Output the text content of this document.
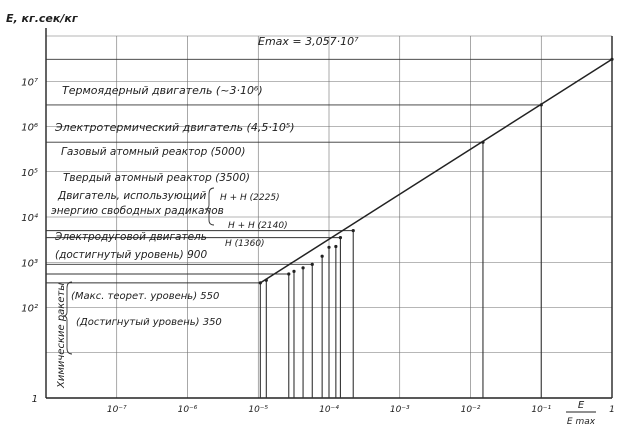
10⁻⁷	10⁻⁶	10⁻⁵	10⁻⁴	10⁻³	10⁻²	10⁻¹	1
1
10²
10³
10⁴
10⁵
10⁶
10⁷
E, кг.сек/кг
E
E max
Emax = 3,057·10⁷
Термоядерный двигатель (~3·10⁶)
Электротермический двигатель (4,5·10⁵)
Газовый атомный реактор (5000)
Твердый атомный реактор (3500)
Двигатель, использующий
энергию свободных радикалов
H + H (2225)
H + H (2140)
H (1360)
Электродуговой двигатель
(достигнутый уровень) 900
(Макс. теорет. уровень) 550
(Достигнутый уровень) 350
Химические ракеты
